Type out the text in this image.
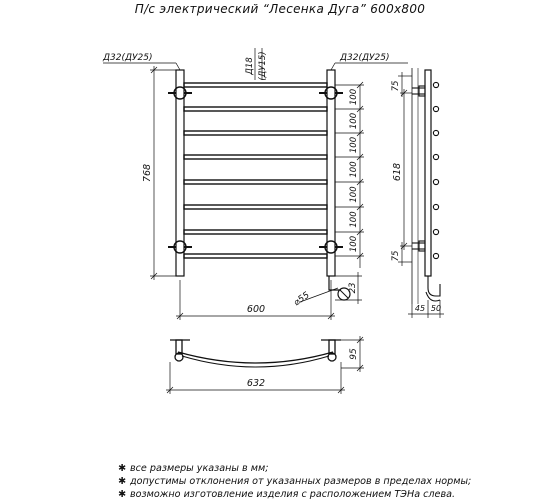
П/с электрический “Лесенка Дуга” 600х800
768
Д32(ДУ25)	Д32(ДУ25)
Д18 (ДУ15)
600
⌀55
23
100
100
100
100
100
100
100
618
75
75
45 50
95
632
✱ все размеры указаны в мм;
✱ допустимы отклонения от указанных размеров в пределах нормы;
✱ возможно изготовление изделия с расположением ТЭНа слева.
